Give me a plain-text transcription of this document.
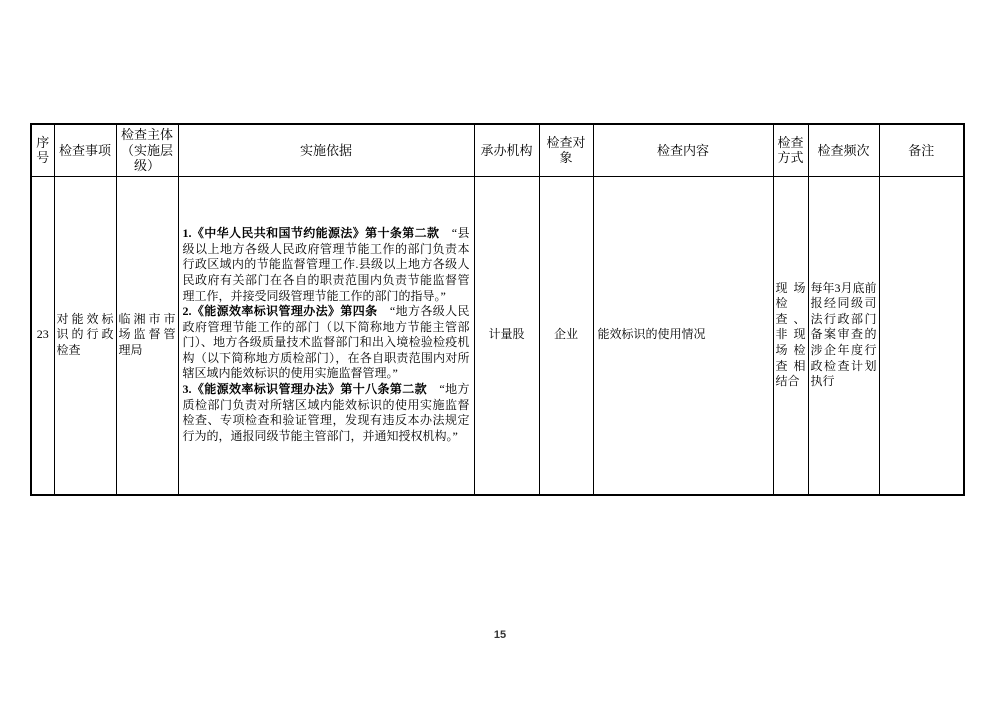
序号	检查事项	检查主体（实施层级）	实施依据	承办机构	检查对象	检查内容	检查方式	检查频次	备注
23	对能效标识的行政检查	临湘市市场监督管理局	1.《中华人民共和国节约能源法》第十条第二款　“县级以上地方各级人民政府管理节能工作的部门负责本行政区域内的节能监督管理工作.县级以上地方各级人民政府有关部门在各自的职责范围内负责节能监督管理工作，并接受同级管理节能工作的部门的指导。”

2.《能源效率标识管理办法》第四条　“地方各级人民政府管理节能工作的部门（以下简称地方节能主管部门）、地方各级质量技术监督部门和出入境检验检疫机构（以下简称地方质检部门），在各自职责范围内对所辖区域内能效标识的使用实施监督管理。”

3.《能源效率标识管理办法》第十八条第二款　“地方质检部门负责对所辖区域内能效标识的使用实施监督检查、专项检查和验证管理，发现有违反本办法规定行为的，通报同级节能主管部门，并通知授权机构。”	计量股	企业	能效标识的使用情况	现场检查、非现场检查相结合	每年3月底前报经同级司法行政部门备案审查的涉企年度行政检查计划执行	
15
